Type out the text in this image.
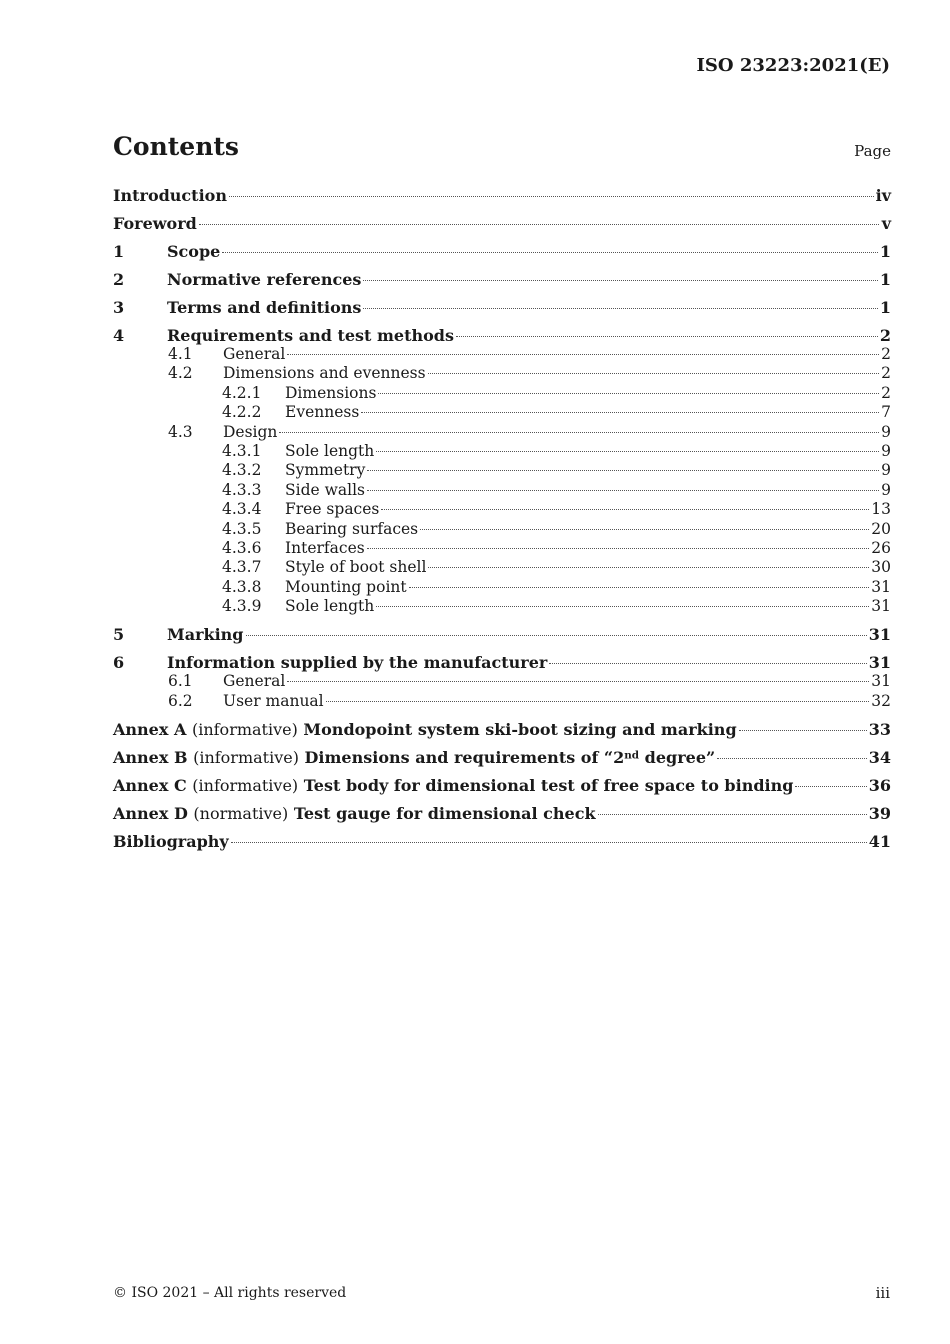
ISO 23223:2021(E)
Contents	Page
Introduction	iv
Foreword	v
1	Scope	1
2	Normative references	1
3	Terms and definitions	1
4	Requirements and test methods	2
4.1	General	2
4.2	Dimensions and evenness	2
4.2.1	Dimensions	2
4.2.2	Evenness	7
4.3	Design	9
4.3.1	Sole length	9
4.3.2	Symmetry	9
4.3.3	Side walls	9
4.3.4	Free spaces	13
4.3.5	Bearing surfaces	20
4.3.6	Interfaces	26
4.3.7	Style of boot shell	30
4.3.8	Mounting point	31
4.3.9	Sole length	31
5	Marking	31
6	Information supplied by the manufacturer	31
6.1	General	31
6.2	User manual	32
Annex A (informative) Mondopoint system ski-boot sizing and marking	33
Annex B (informative) Dimensions and requirements of “2nd degree”	34
Annex C (informative) Test body for dimensional test of free space to binding	36
Annex D (normative) Test gauge for dimensional check	39
Bibliography	41
© ISO 2021 – All rights reserved	iii
